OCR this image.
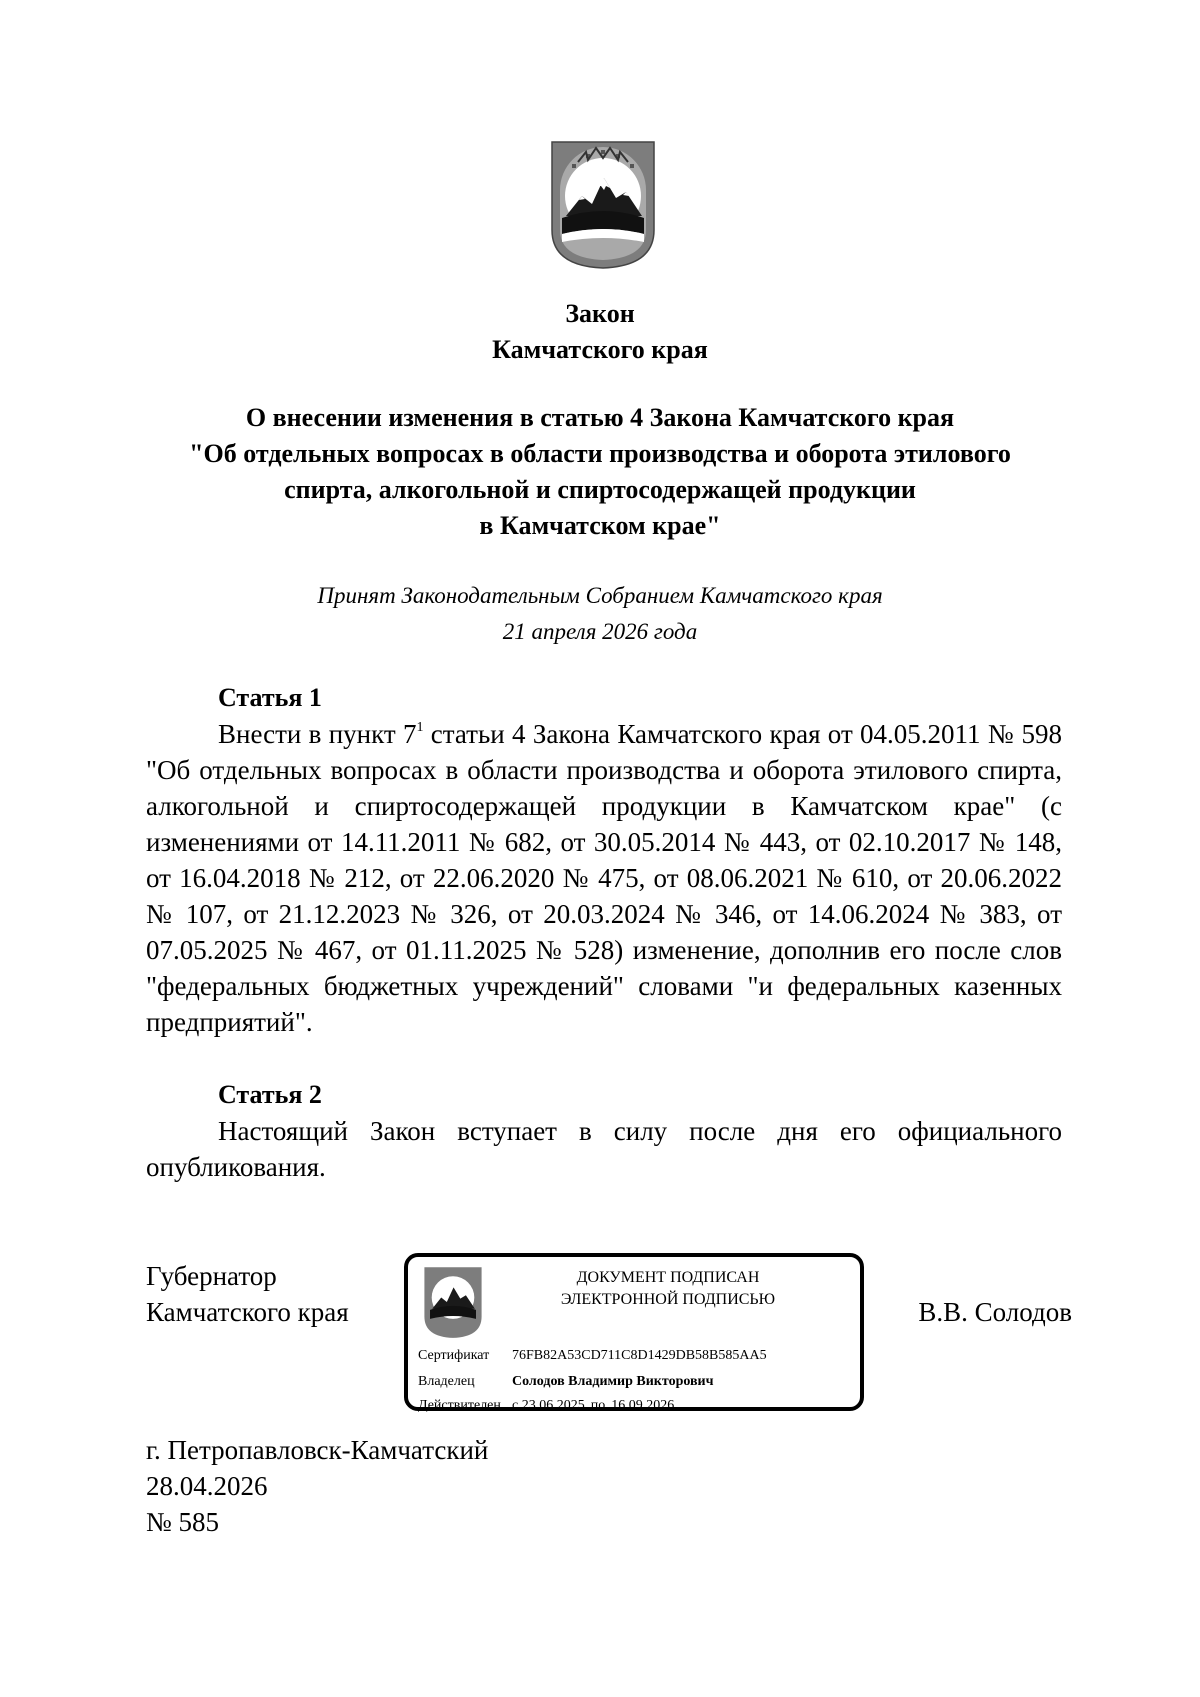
Закон
Камчатского края
О внесении изменения в статью 4 Закона Камчатского края
"Об отдельных вопросах в области производства и оборота этилового
спирта, алкогольной и спиртосодержащей продукции
в Камчатском крае"
Принят Законодательным Собранием Камчатского края
21 апреля 2026 года
Статья 1

Внести в пункт $7^1$ статьи 4 Закона Камчатского края от 04.05.2011 № 598 "Об отдельных вопросах в области производства и оборота этилового спирта, алкогольной и спиртосодержащей продукции в Камчатском крае" (с изменениями от 14.11.2011 № 682, от 30.05.2014 № 443, от 02.10.2017 № 148, от 16.04.2018 № 212, от 22.06.2020 № 475, от 08.06.2021 № 610, от 20.06.2022 № 107, от 21.12.2023 № 326, от 20.03.2024 № 346, от 14.06.2024 № 383, от 07.05.2025 № 467, от 01.11.2025 № 528) изменение, дополнив его после слов "федеральных бюджетных учреждений" словами "и федеральных казенных предприятий".

Статья 2

Настоящий Закон вступает в силу после дня его официального опубликования.

Губернатор
Камчатского края
ДОКУМЕНТ ПОДПИСАН
ЭЛЕКТРОННОЙ ПОДПИСЬЮ
Сертификат 76FB82A53CD711C8D1429DB58B585AA5
Владелец	Солодов Владимир Викторович
Действителен с 23.06.2025 по 16.09.2026
В.В. Солодов
г. Петропавловск-Камчатский
28.04.2026
№ 585
